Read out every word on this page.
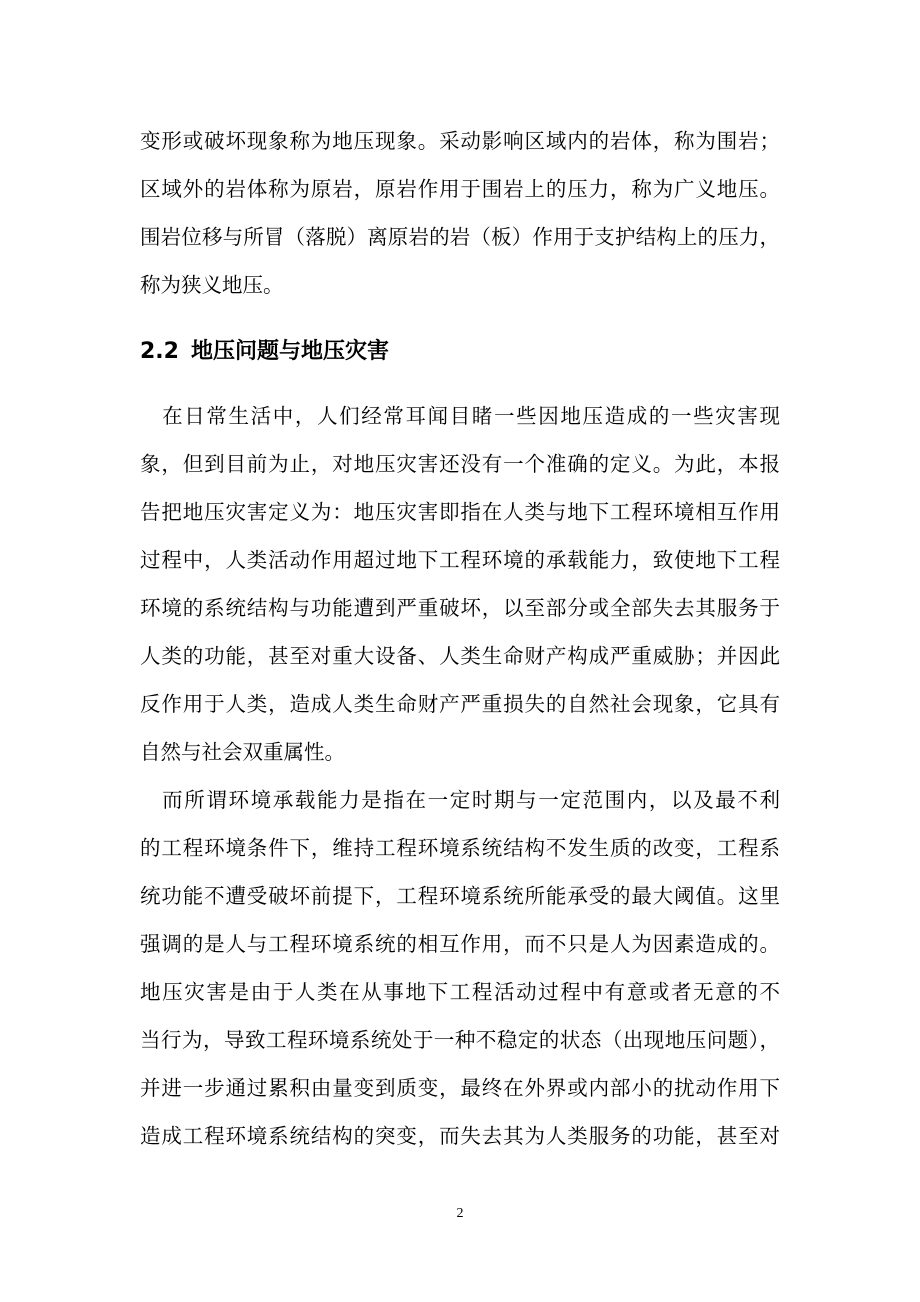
变形或破坏现象称为地压现象。采动影响区域内的岩体，称为围岩；
区域外的岩体称为原岩，原岩作用于围岩上的压力，称为广义地压。
围岩位移与所冒（落脱）离原岩的岩（板）作用于支护结构上的压力，
称为狭义地压。
2.2 地压问题与地压灾害
　在日常生活中，人们经常耳闻目睹一些因地压造成的一些灾害现
象，但到目前为止，对地压灾害还没有一个准确的定义。为此，本报
告把地压灾害定义为：地压灾害即指在人类与地下工程环境相互作用
过程中，人类活动作用超过地下工程环境的承载能力，致使地下工程
环境的系统结构与功能遭到严重破坏，以至部分或全部失去其服务于
人类的功能，甚至对重大设备、人类生命财产构成严重威胁；并因此
反作用于人类，造成人类生命财产严重损失的自然社会现象，它具有
自然与社会双重属性。
　而所谓环境承载能力是指在一定时期与一定范围内，以及最不利
的工程环境条件下，维持工程环境系统结构不发生质的改变，工程系
统功能不遭受破坏前提下，工程环境系统所能承受的最大阈值。这里
强调的是人与工程环境系统的相互作用，而不只是人为因素造成的。
地压灾害是由于人类在从事地下工程活动过程中有意或者无意的不
当行为，导致工程环境系统处于一种不稳定的状态（出现地压问题），
并进一步通过累积由量变到质变，最终在外界或内部小的扰动作用下
造成工程环境系统结构的突变，而失去其为人类服务的功能，甚至对
2
